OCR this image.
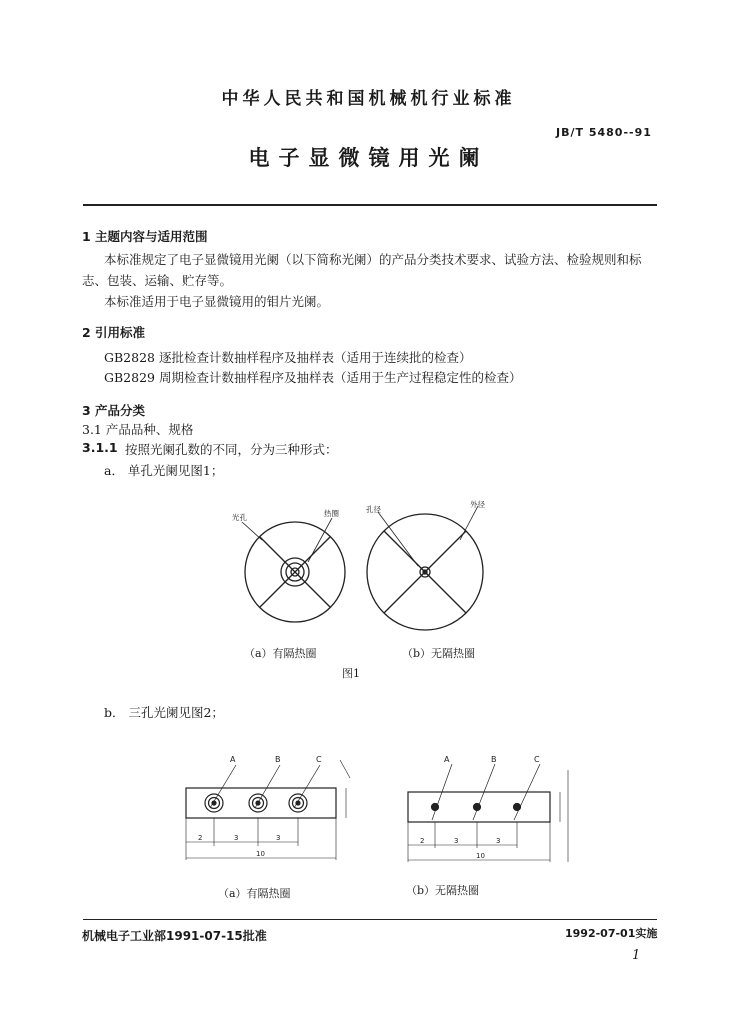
中华人民共和国机械机行业标准
JB/T 5480--91
电子显微镜用光阑
1 主题内容与适用范围
本标准规定了电子显微镜用光阑（以下简称光阑）的产品分类技术要求、试验方法、检验规则和标
志、包装、运输、贮存等。
本标准适用于电子显微镜用的钼片光阑。
2 引用标准
GB2828 逐批检查计数抽样程序及抽样表（适用于连续批的检查）
GB2829 周期检查计数抽样程序及抽样表（适用于生产过程稳定性的检查）
3 产品分类
3.1 产品品种、规格
3.1.1 按照光阑孔数的不同，分为三种形式：
a． 单孔光阑见图1；
光孔	热圈	孔径
外径
（a）有隔热圈	（b）无隔热圈
图1
b． 三孔光阑见图2；
A	B	C
2	3	3
10
A	B	C
2	3	3
10
（a）有隔热圈	（b）无隔热圈
机械电子工业部1991-07-15批准	1992-07-01实施
1
